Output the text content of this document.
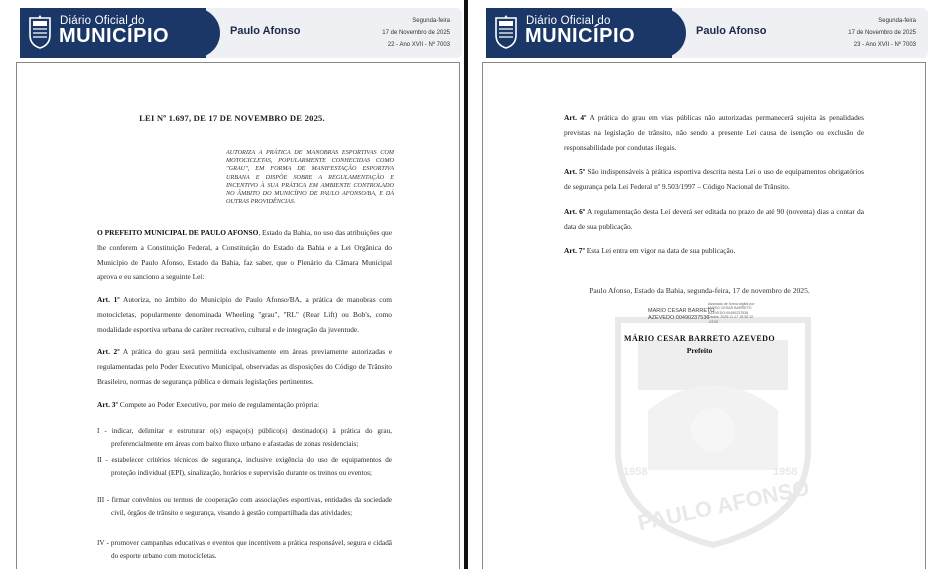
Diário Oficial do
MUNICÍPIO	Paulo Afonso
Segunda-feira
17 de Novembro de 2025
22 - Ano XVII - Nº 7003
LEI Nº 1.697, DE 17 DE NOVEMBRO DE 2025.
AUTORIZA A PRÁTICA DE MANOBRAS ESPORTIVAS COM MOTOCICLETAS, POPULARMENTE CONHECIDAS COMO "GRAU", EM FORMA DE MANIFESTAÇÃO ESPORTIVA URBANA E DISPÕE SOBRE A REGULAMENTAÇÃO E INCENTIVO À SUA PRÁTICA EM AMBIENTE CONTROLADO NO ÂMBITO DO MUNICÍPIO DE PAULO AFONSO/BA, E DÁ OUTRAS PROVIDÊNCIAS.
O PREFEITO MUNICIPAL DE PAULO AFONSO, Estado da Bahia, no uso das atribuições que lhe conferem a Constituição Federal, a Constituição do Estado da Bahia e a Lei Orgânica do Município de Paulo Afonso, Estado da Bahia, faz saber, que o Plenário da Câmara Municipal aprova e eu sanciono a seguinte Lei:
Art. 1º Autoriza, no âmbito do Município de Paulo Afonso/BA, a prática de manobras com motocicletas, popularmente denominada Wheeling "grau", "RL" (Rear Lift) ou Bob's, como modalidade esportiva urbana de caráter recreativo, cultural e de integração da juventude.
Art. 2º A prática do grau será permitida exclusivamente em áreas previamente autorizadas e regulamentadas pelo Poder Executivo Municipal, observadas as disposições do Código de Trânsito Brasileiro, normas de segurança pública e demais legislações pertinentes.
Art. 3º Compete ao Poder Executivo, por meio de regulamentação própria:
I - indicar, delimitar e estruturar o(s) espaço(s) público(s) destinado(s) à prática do grau, preferencialmente em áreas com baixo fluxo urbano e afastadas de zonas residenciais;
II - estabelecer critérios técnicos de segurança, inclusive exigência do uso de equipamentos de proteção individual (EPI), sinalização, horários e supervisão durante os treinos ou eventos;
III - firmar convênios ou termos de cooperação com associações esportivas, entidades da sociedade civil, órgãos de trânsito e segurança, visando à gestão compartilhada das atividades;
IV - promover campanhas educativas e eventos que incentivem a prática responsável, segura e cidadã do esporte urbano com motocicletas.
Diário Oficial do
MUNICÍPIO	Paulo Afonso
Segunda-feira
17 de Novembro de 2025
23 - Ano XVII - Nº 7003
PAULO AFONSO
1958	1958
Art. 4º A prática do grau em vias públicas não autorizadas permanecerá sujeita às penalidades previstas na legislação de trânsito, não sendo a presente Lei causa de isenção ou exclusão de responsabilidade por condutas ilegais.
Art. 5º São indispensáveis à prática esportiva descrita nesta Lei o uso de equipamentos obrigatórios de segurança pela Lei Federal nº 9.503/1997 – Código Nacional de Trânsito.
Art. 6º A regulamentação desta Lei deverá ser editada no prazo de até 90 (noventa) dias a contar da data de sua publicação.
Art. 7º Esta Lei entra em vigor na data de sua publicação.
Paulo Afonso, Estado da Bahia, segunda-feira, 17 de novembro de 2025.
MARIO CESAR BARRETO
AZEVEDO:00490237536
Assinado de forma digital por
MARIO CESAR BARRETO
AZEVEDO:00490237536
Dados: 2025.11.17 15:30:12
-03'00'
MÁRIO CESAR BARRETO AZEVEDO
Prefeito
